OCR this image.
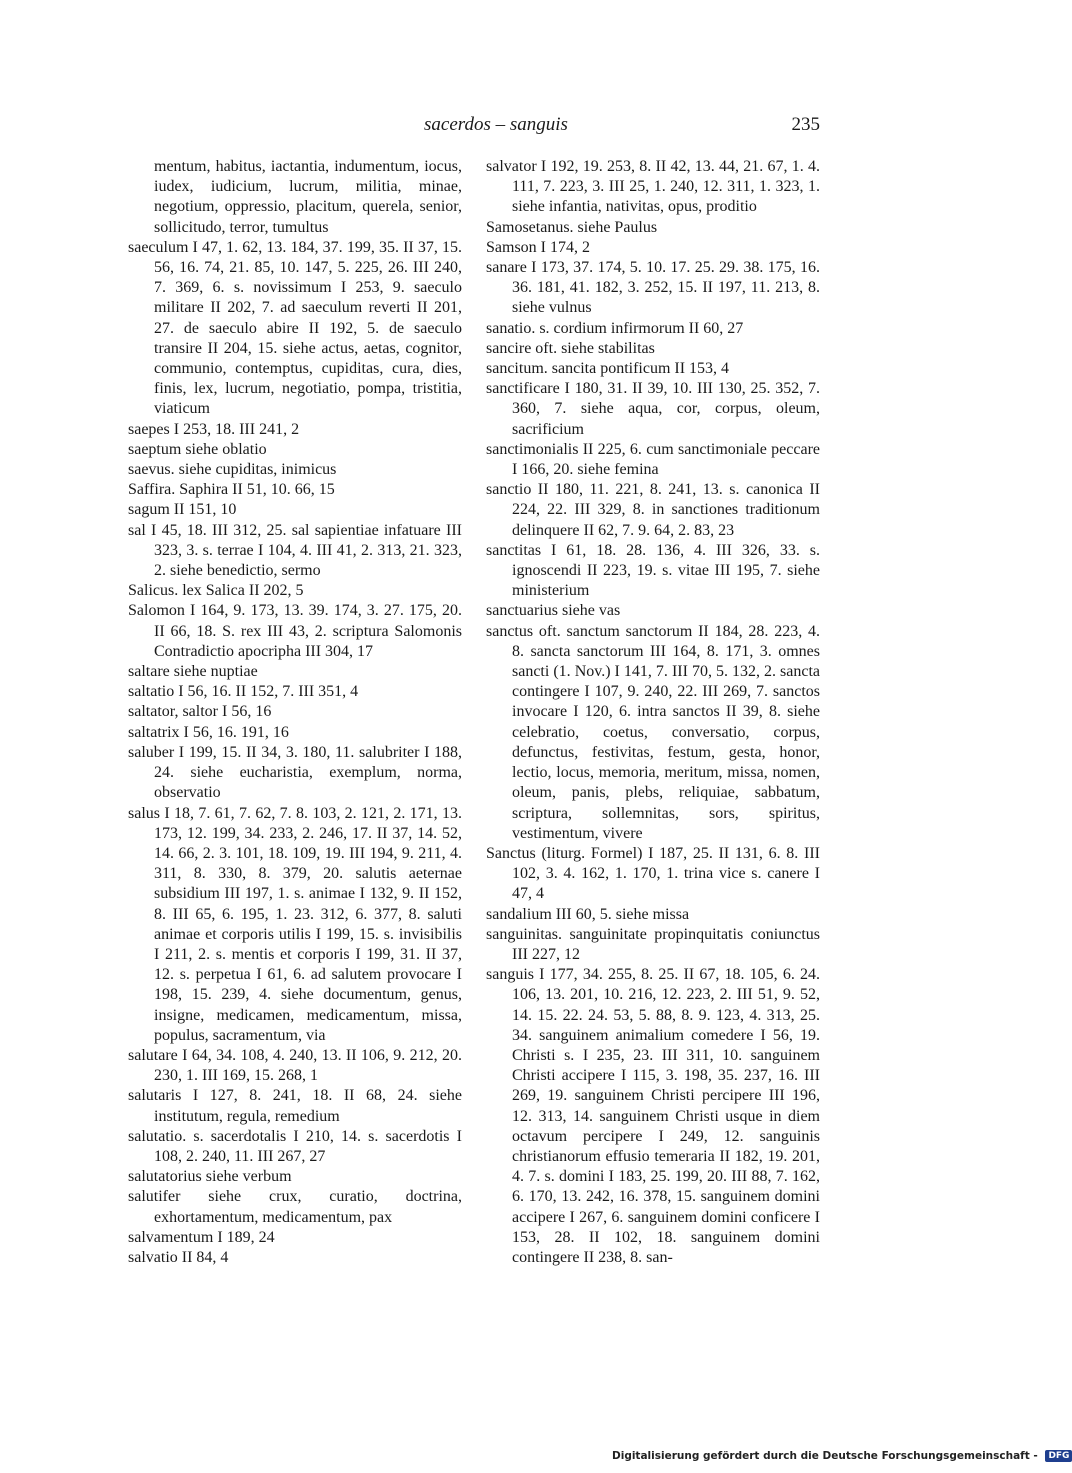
sacerdos – sanguis	235

mentum, habitus, iactantia, indumentum, iocus, iudex, iudicium, lucrum, militia, minae, negotium, oppressio, placitum, querela, senior, sollicitudo, terror, tumultus

saeculum I 47, 1. 62, 13. 184, 37. 199, 35. II 37, 15. 56, 16. 74, 21. 85, 10. 147, 5. 225, 26. III 240, 7. 369, 6. s. novissimum I 253, 9. saeculo militare II 202, 7. ad saeculum reverti II 201, 27. de saeculo abire II 192, 5. de saeculo transire II 204, 15. siehe actus, aetas, cognitor, communio, contemptus, cupiditas, cura, dies, finis, lex, lucrum, negotiatio, pompa, tristitia, viaticum

saepes I 253, 18. III 241, 2

saeptum siehe oblatio

saevus. siehe cupiditas, inimicus

Saffira. Saphira II 51, 10. 66, 15

sagum II 151, 10

sal I 45, 18. III 312, 25. sal sapientiae infatuare III 323, 3. s. terrae I 104, 4. III 41, 2. 313, 21. 323, 2. siehe benedictio, sermo

Salicus. lex Salica II 202, 5

Salomon I 164, 9. 173, 13. 39. 174, 3. 27. 175, 20. II 66, 18. S. rex III 43, 2. scriptura Salomonis Contradictio apocripha III 304, 17

saltare siehe nuptiae

saltatio I 56, 16. II 152, 7. III 351, 4

saltator, saltor I 56, 16

saltatrix I 56, 16. 191, 16

saluber I 199, 15. II 34, 3. 180, 11. salubriter I 188, 24. siehe eucharistia, exemplum, norma, observatio

salus I 18, 7. 61, 7. 62, 7. 8. 103, 2. 121, 2. 171, 13. 173, 12. 199, 34. 233, 2. 246, 17. II 37, 14. 52, 14. 66, 2. 3. 101, 18. 109, 19. III 194, 9. 211, 4. 311, 8. 330, 8. 379, 20. salutis aeternae subsidium III 197, 1. s. animae I 132, 9. II 152, 8. III 65, 6. 195, 1. 23. 312, 6. 377, 8. saluti animae et corporis utilis I 199, 15. s. invisibilis I 211, 2. s. mentis et corporis I 199, 31. II 37, 12. s. perpetua I 61, 6. ad salutem provocare I 198, 15. 239, 4. siehe documentum, genus, insigne, medicamen, medicamentum, missa, populus, sacramentum, via

salutare I 64, 34. 108, 4. 240, 13. II 106, 9. 212, 20. 230, 1. III 169, 15. 268, 1

salutaris I 127, 8. 241, 18. II 68, 24. siehe institutum, regula, remedium

salutatio. s. sacerdotalis I 210, 14. s. sacerdotis I 108, 2. 240, 11. III 267, 27

salutatorius siehe verbum

salutifer siehe crux, curatio, doctrina, exhortamentum, medicamentum, pax

salvamentum I 189, 24

salvatio II 84, 4

salvator I 192, 19. 253, 8. II 42, 13. 44, 21. 67, 1. 4. 111, 7. 223, 3. III 25, 1. 240, 12. 311, 1. 323, 1. siehe infantia, nativitas, opus, proditio

Samosetanus. siehe Paulus

Samson I 174, 2

sanare I 173, 37. 174, 5. 10. 17. 25. 29. 38. 175, 16. 36. 181, 41. 182, 3. 252, 15. II 197, 11. 213, 8. siehe vulnus

sanatio. s. cordium infirmorum II 60, 27

sancire oft. siehe stabilitas

sancitum. sancita pontificum II 153, 4

sanctificare I 180, 31. II 39, 10. III 130, 25. 352, 7. 360, 7. siehe aqua, cor, corpus, oleum, sacrificium

sanctimonialis II 225, 6. cum sanctimoniale peccare I 166, 20. siehe femina

sanctio II 180, 11. 221, 8. 241, 13. s. canonica II 224, 22. III 329, 8. in sanctiones traditionum delinquere II 62, 7. 9. 64, 2. 83, 23

sanctitas I 61, 18. 28. 136, 4. III 326, 33. s. ignoscendi II 223, 19. s. vitae III 195, 7. siehe ministerium

sanctuarius siehe vas

sanctus oft. sanctum sanctorum II 184, 28. 223, 4. 8. sancta sanctorum III 164, 8. 171, 3. omnes sancti (1. Nov.) I 141, 7. III 70, 5. 132, 2. sancta contingere I 107, 9. 240, 22. III 269, 7. sanctos invocare I 120, 6. intra sanctos II 39, 8. siehe celebratio, coetus, conversatio, corpus, defunctus, festivitas, festum, gesta, honor, lectio, locus, memoria, meritum, missa, nomen, oleum, panis, plebs, reliquiae, sabbatum, scriptura, sollemnitas, sors, spiritus, vestimentum, vivere

Sanctus (liturg. Formel) I 187, 25. II 131, 6. 8. III 102, 3. 4. 162, 1. 170, 1. trina vice s. canere I 47, 4

sandalium III 60, 5. siehe missa

sanguinitas. sanguinitate propinquitatis coniunctus III 227, 12

sanguis I 177, 34. 255, 8. 25. II 67, 18. 105, 6. 24. 106, 13. 201, 10. 216, 12. 223, 2. III 51, 9. 52, 14. 15. 22. 24. 53, 5. 88, 8. 9. 123, 4. 313, 25. 34. sanguinem animalium comedere I 56, 19. Christi s. I 235, 23. III 311, 10. sanguinem Christi accipere I 115, 3. 198, 35. 237, 16. III 269, 19. sanguinem Christi percipere III 196, 12. 313, 14. sanguinem Christi usque in diem octavum percipere I 249, 12. sanguinis christianorum effusio temeraria II 182, 19. 201, 4. 7. s. domini I 183, 25. 199, 20. III 88, 7. 162, 6. 170, 13. 242, 16. 378, 15. sanguinem domini accipere I 267, 6. sanguinem domini conficere I 153, 28. II 102, 18. sanguinem domini contingere II 238, 8. san-

Digitalisierung gefördert durch die Deutsche Forschungsgemeinschaft - DFG
